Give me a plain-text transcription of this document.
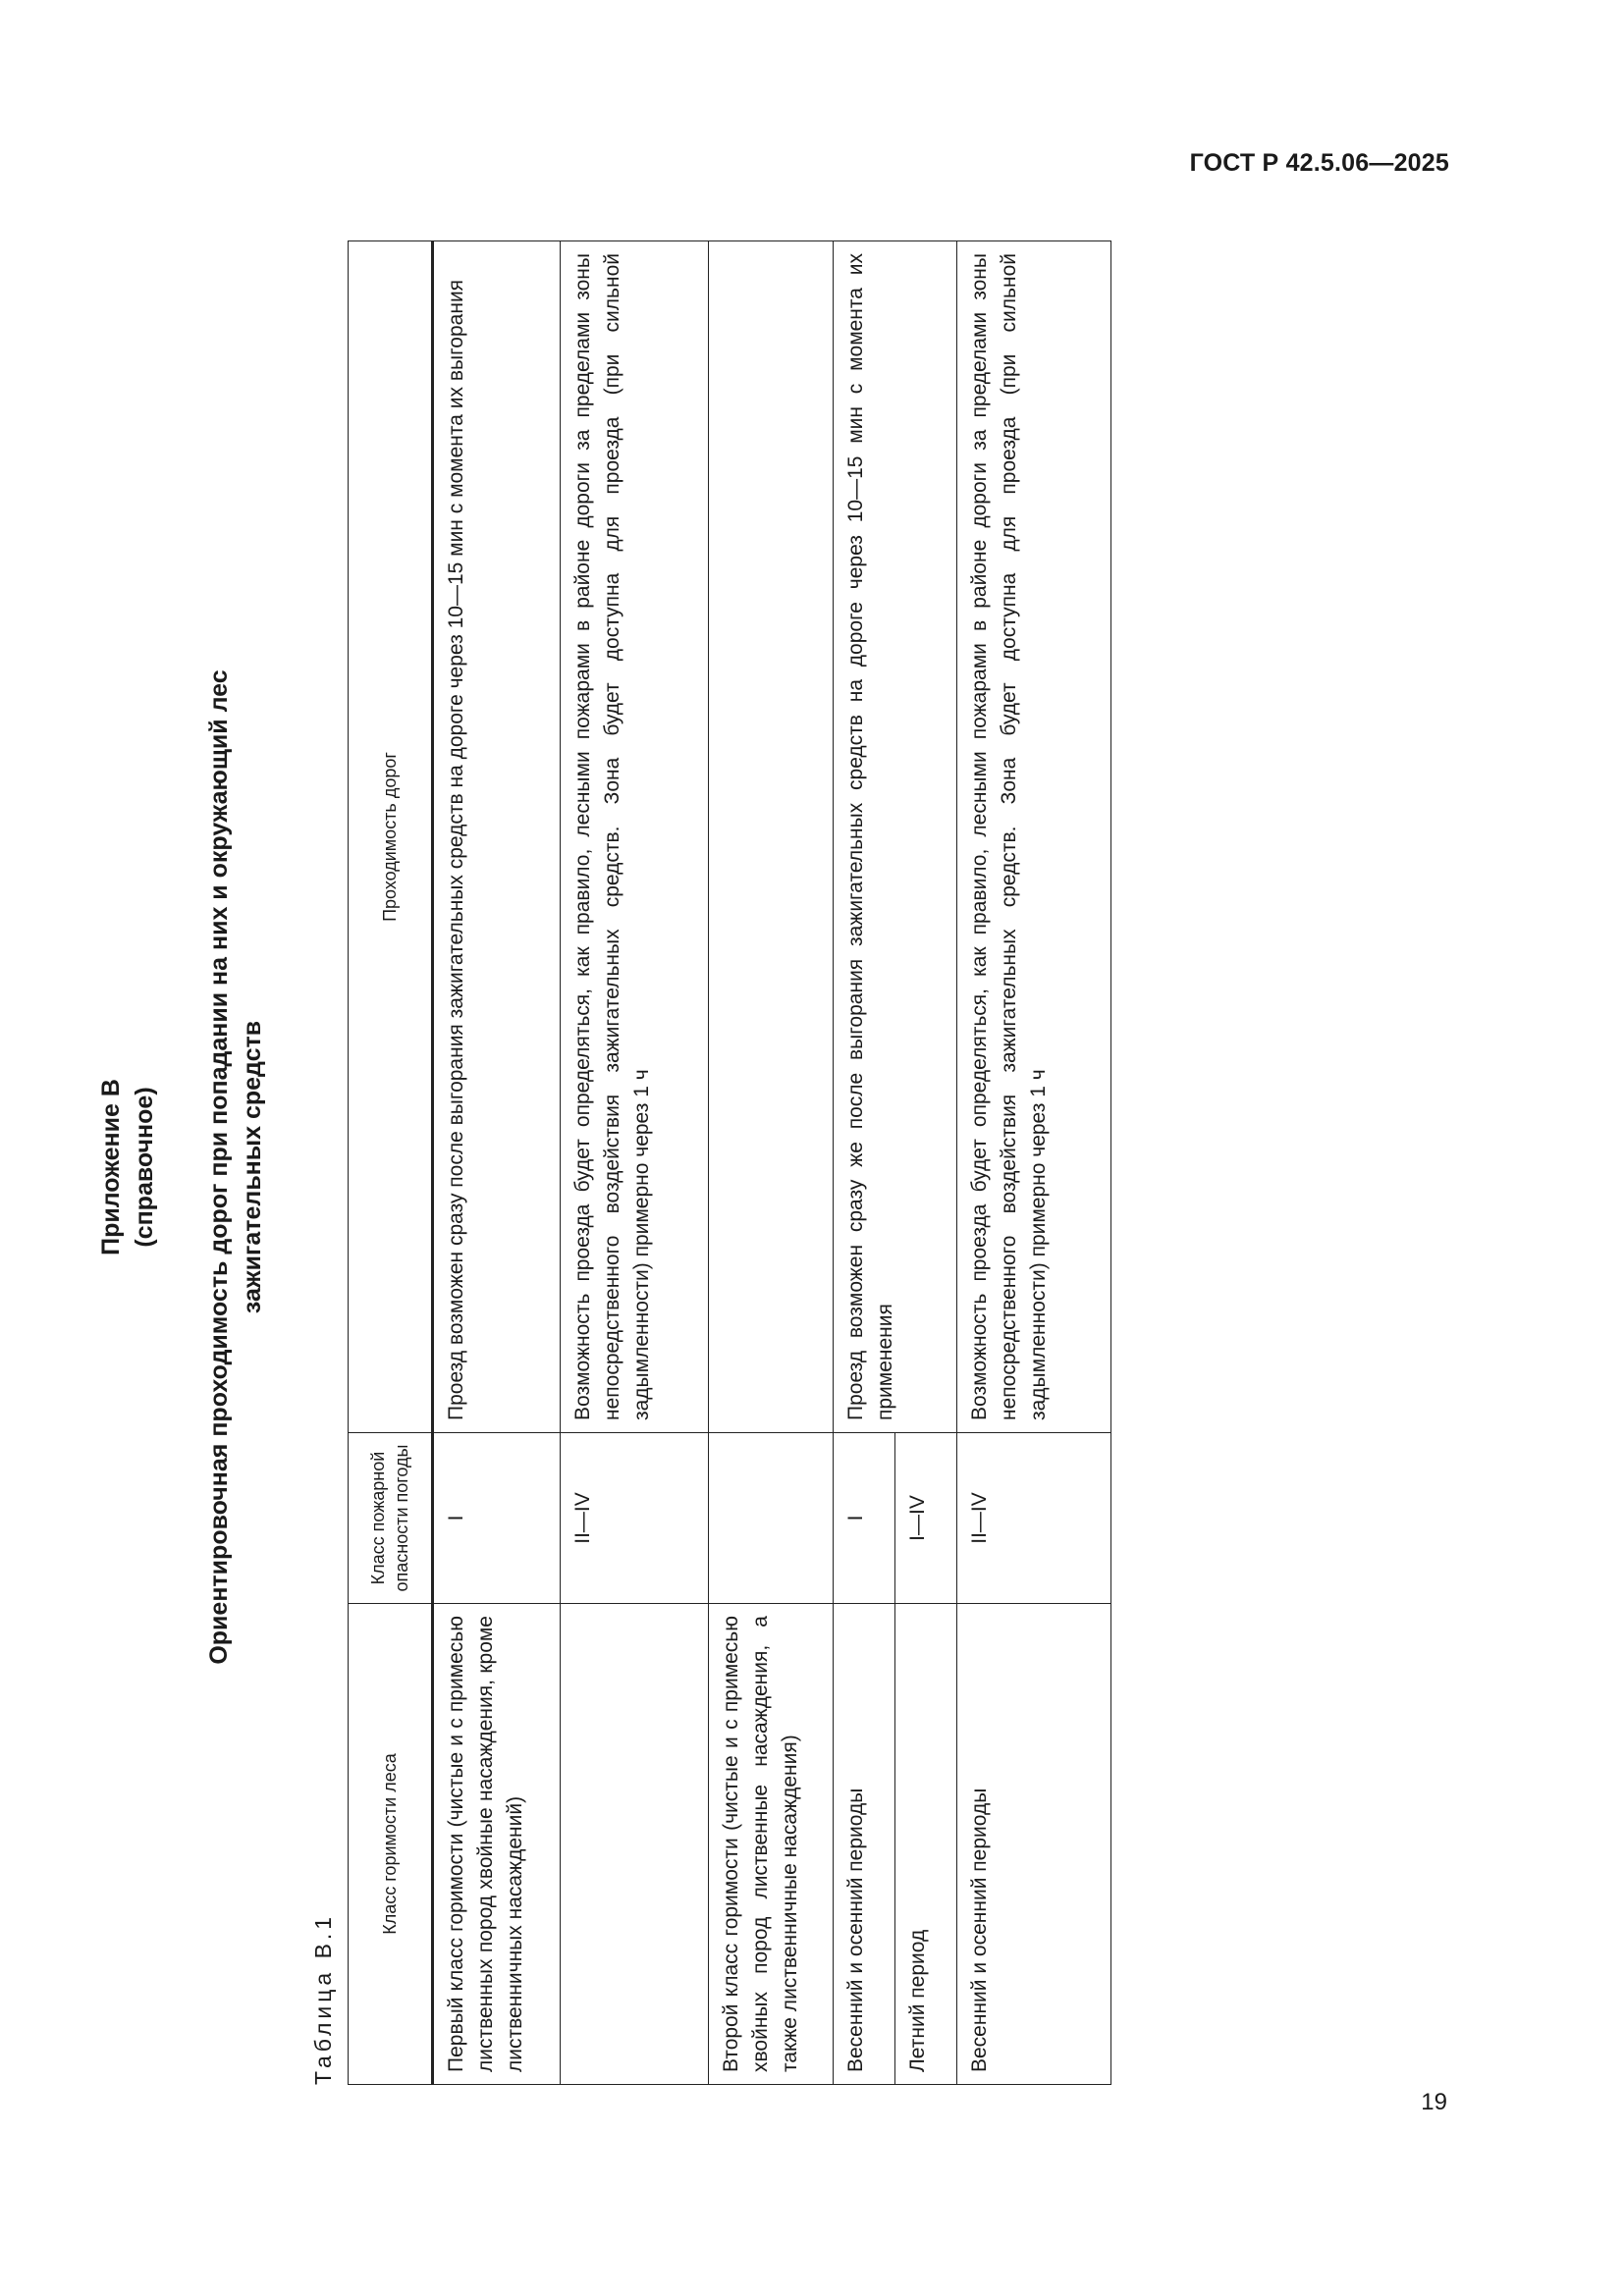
ГОСТ Р 42.5.06—2025
Приложение В (справочное) Ориентировочная проходимость дорог при попадании на них и окружающий лес зажигательных средств
Таблица В.1
Класс горимости леса	Класс пожарной опасности погоды	Проходимость дорог
Первый класс горимости (чистые и с примесью лиственных пород хвойные насаждения, кроме лиственничных насаждений)	I	Проезд возможен сразу после выгорания зажигательных средств на дороге через 10—15 мин с момента их выгорания
	II—IV	Возможность проезда будет определяться, как правило, лесными пожарами в районе дороги за пределами зоны непосредственного воздействия зажигательных средств. Зона будет доступна для проезда (при сильной задымленности) примерно через 1 ч
Второй класс горимости (чистые и с примесью хвойных пород лиственные насаждения, а также лиственничные насаждения)		
Весенний и осенний периоды	I	Проезд возможен сразу же после выгорания зажигательных средств на дороге через 10—15 мин с момента их применения
Летний период	I—IV	
Весенний и осенний периоды	II—IV	Возможность проезда будет определяться, как правило, лесными пожарами в районе дороги за пределами зоны непосредственного воздействия зажигательных средств. Зона будет доступна для проезда (при сильной задымленности) примерно через 1 ч
19
